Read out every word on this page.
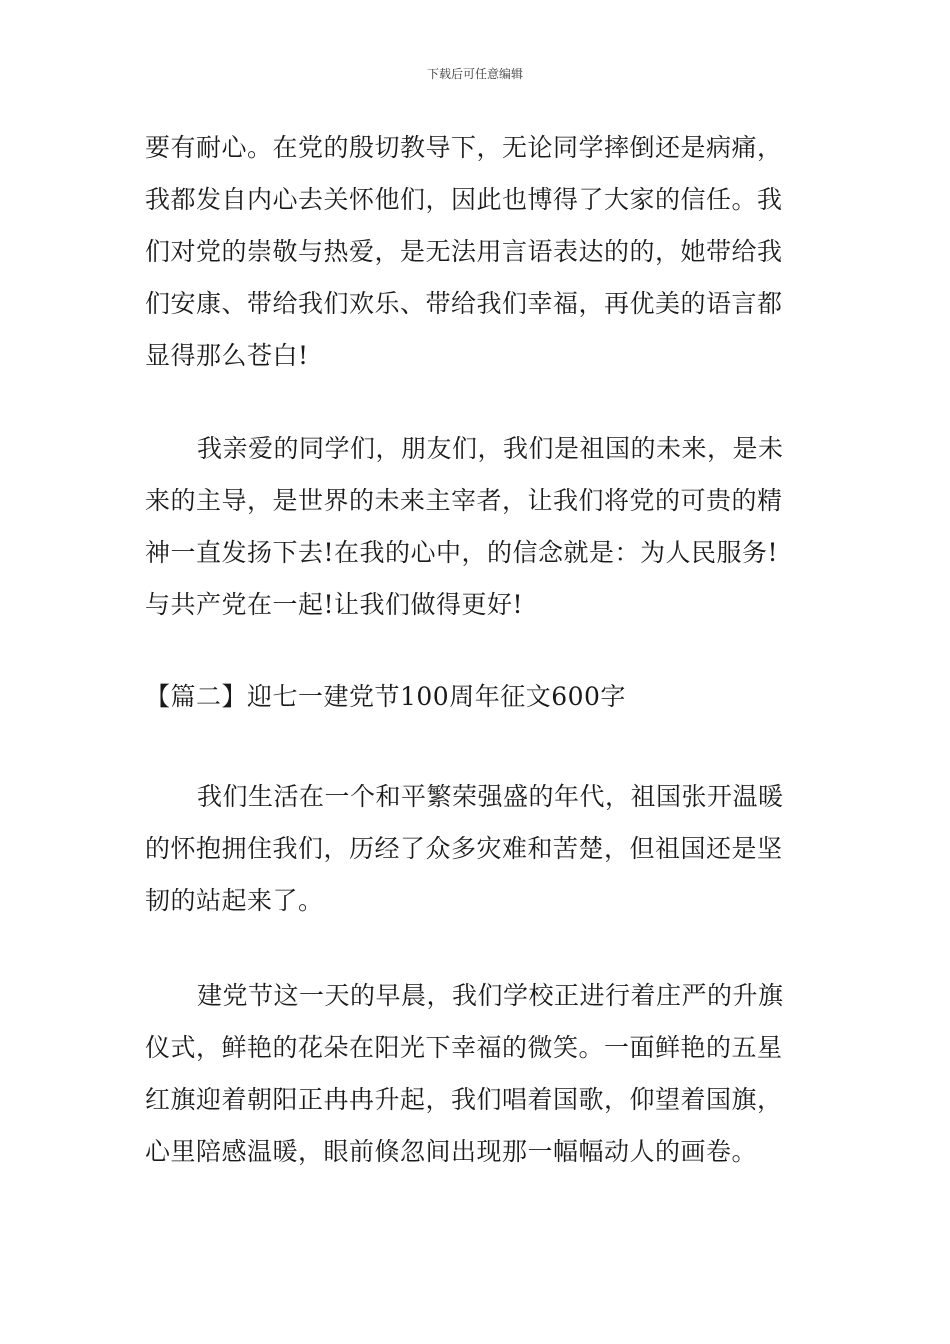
下载后可任意编辑
要有耐心。在党的殷切教导下，无论同学摔倒还是病痛，
我都发自内心去关怀他们，因此也博得了大家的信任。我
们对党的崇敬与热爱，是无法用言语表达的的，她带给我
们安康、带给我们欢乐、带给我们幸福，再优美的语言都
显得那么苍白!
我亲爱的同学们，朋友们，我们是祖国的未来，是未
来的主导，是世界的未来主宰者，让我们将党的可贵的精
神一直发扬下去!在我的心中，的信念就是：为人民服务!
与共产党在一起!让我们做得更好!
【篇二】迎七一建党节100周年征文600字
我们生活在一个和平繁荣强盛的年代，祖国张开温暖
的怀抱拥住我们，历经了众多灾难和苦楚，但祖国还是坚
韧的站起来了。
建党节这一天的早晨，我们学校正进行着庄严的升旗
仪式，鲜艳的花朵在阳光下幸福的微笑。一面鲜艳的五星
红旗迎着朝阳正冉冉升起，我们唱着国歌，仰望着国旗，
心里陪感温暖，眼前倏忽间出现那一幅幅动人的画卷。
